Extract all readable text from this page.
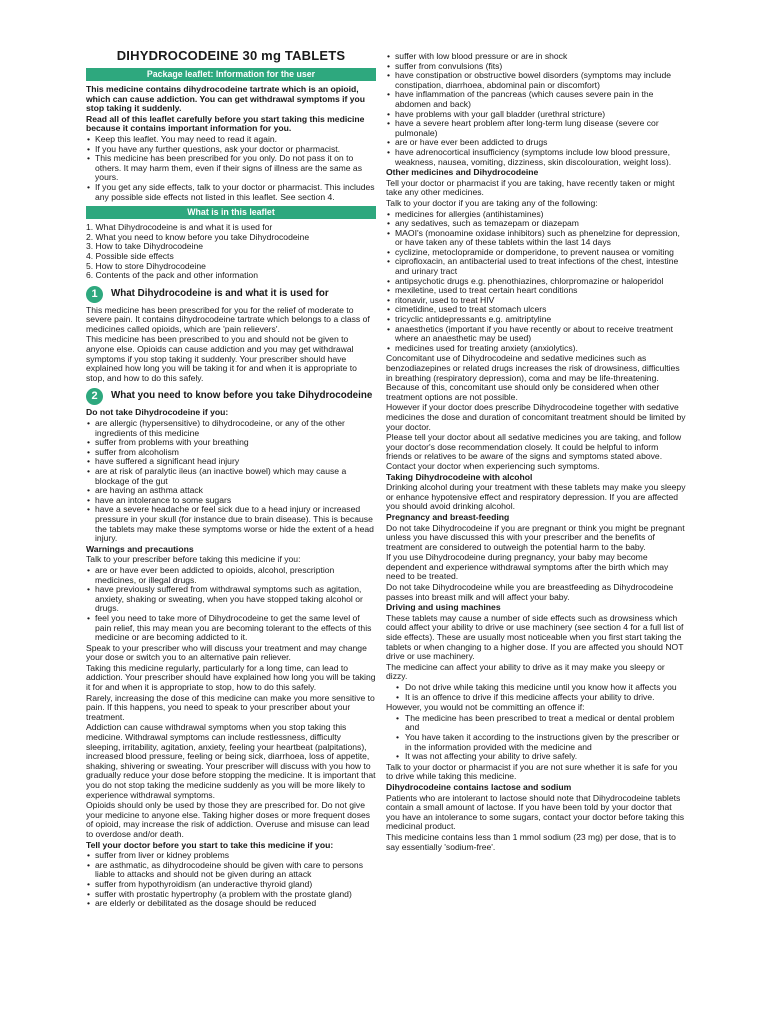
DIHYDROCODEINE 30 mg TABLETS
Package leaflet: Information for the user

This medicine contains dihydrocodeine tartrate which is an opioid, which can cause addiction. You can get withdrawal symptoms if you stop taking it suddenly.

Read all of this leaflet carefully before you start taking this medicine because it contains important information for you.

• Keep this leaflet. You may need to read it again.
• If you have any further questions, ask your doctor or pharmacist.
• This medicine has been prescribed for you only. Do not pass it on to others. It may harm them, even if their signs of illness are the same as yours.
• If you get any side effects, talk to your doctor or pharmacist. This includes any possible side effects not listed in this leaflet. See section 4.
What is in this leaflet

1. What Dihydrocodeine is and what it is used for

2. What you need to know before you take Dihydrocodeine

3. How to take Dihydrocodeine

4. Possible side effects

5. How to store Dihydrocodeine

6. Contents of the pack and other information

1	What Dihydrocodeine is and what it is used for

This medicine has been prescribed for you for the relief of moderate to severe pain. It contains dihydrocodeine tartrate which belongs to a class of medicines called opioids, which are 'pain relievers'.

This medicine has been prescribed to you and should not be given to anyone else. Opioids can cause addiction and you may get withdrawal symptoms if you stop taking it suddenly. Your prescriber should have explained how long you will be taking it for and when it is appropriate to stop, and how to do this safely.

2	What you need to know before you take Dihydrocodeine

Do not take Dihydrocodeine if you:

• are allergic (hypersensitive) to dihydrocodeine, or any of the other ingredients of this medicine
• suffer from problems with your breathing
• suffer from alcoholism
• have suffered a significant head injury
• are at risk of paralytic ileus (an inactive bowel) which may cause a blockage of the gut
• are having an asthma attack
• have an intolerance to some sugars
• have a severe headache or feel sick due to a head injury or increased pressure in your skull (for instance due to brain disease). This is because the tablets may make these symptoms worse or hide the extent of a head injury.

Warnings and precautions

Talk to your prescriber before taking this medicine if you:

• are or have ever been addicted to opioids, alcohol, prescription medicines, or illegal drugs.
• have previously suffered from withdrawal symptoms such as agitation, anxiety, shaking or sweating, when you have stopped taking alcohol or drugs.
• feel you need to take more of Dihydrocodeine to get the same level of pain relief, this may mean you are becoming tolerant to the effects of this medicine or are becoming addicted to it.

Speak to your prescriber who will discuss your treatment and may change your dose or switch you to an alternative pain reliever.

Taking this medicine regularly, particularly for a long time, can lead to addiction. Your prescriber should have explained how long you will be taking it for and when it is appropriate to stop, how to do this safely.

Rarely, increasing the dose of this medicine can make you more sensitive to pain. If this happens, you need to speak to your prescriber about your treatment.

Addiction can cause withdrawal symptoms when you stop taking this medicine. Withdrawal symptoms can include restlessness, difficulty sleeping, irritability, agitation, anxiety, feeling your heartbeat (palpitations), increased blood pressure, feeling or being sick, diarrhoea, loss of appetite, shaking, shivering or sweating. Your prescriber will discuss with you how to gradually reduce your dose before stopping the medicine. It is important that you do not stop taking the medicine suddenly as you will be more likely to experience withdrawal symptoms.

Opioids should only be used by those they are prescribed for. Do not give your medicine to anyone else. Taking higher doses or more frequent doses of opioid, may increase the risk of addiction. Overuse and misuse can lead to overdose and/or death.

Tell your doctor before you start to take this medicine if you:

• suffer from liver or kidney problems
• are asthmatic, as dihydrocodeine should be given with care to persons liable to attacks and should not be given during an attack
• suffer from hypothyroidism (an underactive thyroid gland)
• suffer with prostatic hypertrophy (a problem with the prostate gland)
• are elderly or debilitated as the dosage should be reduced
• suffer with low blood pressure or are in shock
• suffer from convulsions (fits)
• have constipation or obstructive bowel disorders (symptoms may include constipation, diarrhoea, abdominal pain or discomfort)
• have inflammation of the pancreas (which causes severe pain in the abdomen and back)
• have problems with your gall bladder (urethral stricture)
• have a severe heart problem after long-term lung disease (severe cor pulmonale)
• are or have ever been addicted to drugs
• have adrenocortical insufficiency (symptoms include low blood pressure, weakness, nausea, vomiting, dizziness, skin discolouration, weight loss).

Other medicines and Dihydrocodeine

Tell your doctor or pharmacist if you are taking, have recently taken or might take any other medicines.

Talk to your doctor if you are taking any of the following:

• medicines for allergies (antihistamines)
• any sedatives, such as temazepam or diazepam
• MAOI's (monoamine oxidase inhibitors) such as phenelzine for depression, or have taken any of these tablets within the last 14 days
• cyclizine, metoclopramide or domperidone, to prevent nausea or vomiting
• ciprofloxacin, an antibacterial used to treat infections of the chest, intestine and urinary tract
• antipsychotic drugs e.g. phenothiazines, chlorpromazine or haloperidol
• mexiletine, used to treat certain heart conditions
• ritonavir, used to treat HIV
• cimetidine, used to treat stomach ulcers
• tricyclic antidepressants e.g. amitriptyline
• anaesthetics (important if you have recently or about to receive treatment where an anaesthetic may be used)
• medicines used for treating anxiety (anxiolytics).

Concomitant use of Dihydrocodeine and sedative medicines such as benzodiazepines or related drugs increases the risk of drowsiness, difficulties in breathing (respiratory depression), coma and may be life-threatening. Because of this, concomitant use should only be considered when other treatment options are not possible.

However if your doctor does prescribe Dihydrocodeine together with sedative medicines the dose and duration of concomitant treatment should be limited by your doctor.

Please tell your doctor about all sedative medicines you are taking, and follow your doctor's dose recommendation closely. It could be helpful to inform friends or relatives to be aware of the signs and symptoms stated above. Contact your doctor when experiencing such symptoms.

Taking Dihydrocodeine with alcohol

Drinking alcohol during your treatment with these tablets may make you sleepy or enhance hypotensive effect and respiratory depression. If you are affected you should avoid drinking alcohol.

Pregnancy and breast-feeding

Do not take Dihydrocodeine if you are pregnant or think you might be pregnant unless you have discussed this with your prescriber and the benefits of treatment are considered to outweigh the potential harm to the baby.

If you use Dihydrocodeine during pregnancy, your baby may become dependent and experience withdrawal symptoms after the birth which may need to be treated.

Do not take Dihydrocodeine while you are breastfeeding as Dihydrocodeine passes into breast milk and will affect your baby.

Driving and using machines

These tablets may cause a number of side effects such as drowsiness which could affect your ability to drive or use machinery (see section 4 for a full list of side effects). These are usually most noticeable when you first start taking the tablets or when changing to a higher dose. If you are affected you should NOT drive or use machinery.

The medicine can affect your ability to drive as it may make you sleepy or dizzy.

• Do not drive while taking this medicine until you know how it affects you
• It is an offence to drive if this medicine affects your ability to drive.

However, you would not be committing an offence if:

• The medicine has been prescribed to treat a medical or dental problem and
• You have taken it according to the instructions given by the prescriber or in the information provided with the medicine and
• It was not affecting your ability to drive safely.

Talk to your doctor or pharmacist if you are not sure whether it is safe for you to drive while taking this medicine.

Dihydrocodeine contains lactose and sodium

Patients who are intolerant to lactose should note that Dihydrocodeine tablets contain a small amount of lactose. If you have been told by your doctor that you have an intolerance to some sugars, contact your doctor before taking this medicinal product.

This medicine contains less than 1 mmol sodium (23 mg) per dose, that is to say essentially 'sodium-free'.
